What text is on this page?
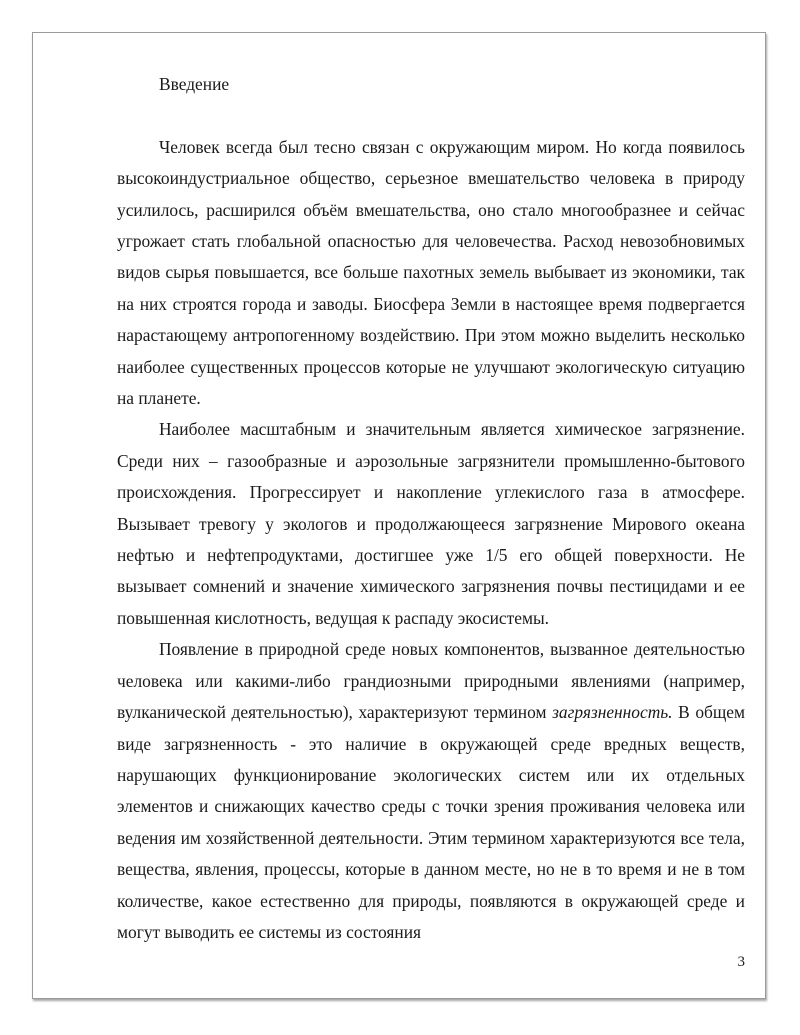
Введение

Человек всегда был тесно связан с окружающим миром. Но когда появилось высокоиндустриальное общество, серьезное вмешательство человека в природу усилилось, расширился объём вмешательства, оно стало многообразнее и сейчас угрожает стать глобальной опасностью для человечества. Расход невозобновимых видов сырья повышается, все больше пахотных земель выбывает из экономики, так на них строятся города и заводы. Биосфера Земли в настоящее время подвергается нарастающему антропогенному воздействию. При этом можно выделить несколько наиболее существенных процессов которые не улучшают экологическую ситуацию на планете.

Наиболее масштабным и значительным является химическое загрязнение. Среди них – газообразные и аэрозольные загрязнители промышленно-бытового происхождения. Прогрессирует и накопление углекислого газа в атмосфере. Вызывает тревогу у экологов и продолжающееся загрязнение Мирового океана нефтью и нефтепродуктами, достигшее уже 1/5 его общей поверхности. Не вызывает сомнений и значение химического загрязнения почвы пестицидами и ее повышенная кислотность, ведущая к распаду экосистемы.

Появление в природной среде новых компонентов, вызванное деятельностью человека или какими-либо грандиозными природными явлениями (например, вулканической деятельностью), характеризуют термином загрязненность. В общем виде загрязненность - это наличие в окружающей среде вредных веществ, нарушающих функционирование экологических систем или их отдельных элементов и снижающих качество среды с точки зрения проживания человека или ведения им хозяйственной деятельности. Этим термином характеризуются все тела, вещества, явления, процессы, которые в данном месте, но не в то время и не в том количестве, какое естественно для природы, появляются в окружающей среде и могут выводить ее системы из состояния

3
